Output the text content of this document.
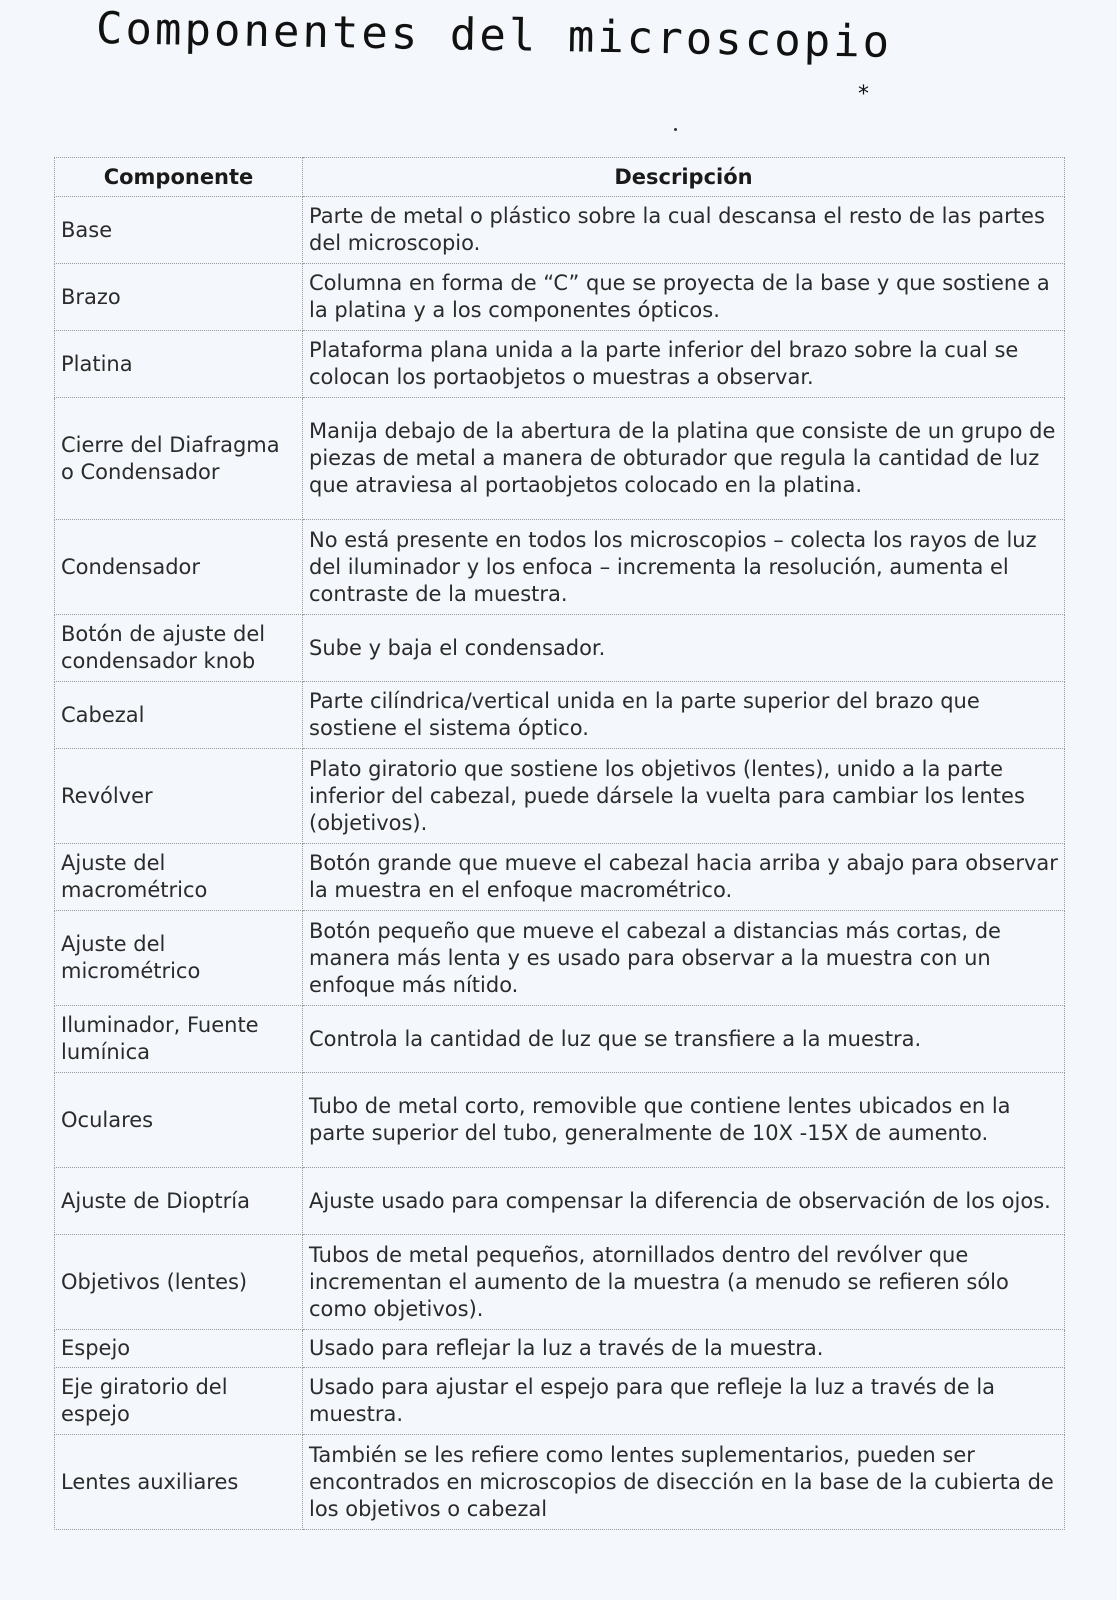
Componentes del microscopio
*
Componente	Descripción
Base	Parte de metal o plástico sobre la cual descansa el resto de las partes del microscopio.
Brazo	Columna en forma de “C” que se proyecta de la base y que sostiene a la platina y a los componentes ópticos.
Platina	Plataforma plana unida a la parte inferior del brazo sobre la cual se colocan los portaobjetos o muestras a observar.
Cierre del Diafragma o Condensador	Manija debajo de la abertura de la platina que consiste de un grupo de piezas de metal a manera de obturador que regula la cantidad de luz que atraviesa al portaobjetos colocado en la platina.
Condensador	No está presente en todos los microscopios – colecta los rayos de luz del iluminador y los enfoca – incrementa la resolución, aumenta el contraste de la muestra.
Botón de ajuste del condensador knob	Sube y baja el condensador.
Cabezal	Parte cilíndrica/vertical unida en la parte superior del brazo que sostiene el sistema óptico.
Revólver	Plato giratorio que sostiene los objetivos (lentes), unido a la parte inferior del cabezal, puede dársele la vuelta para cambiar los lentes (objetivos).
Ajuste del macrométrico	Botón grande que mueve el cabezal hacia arriba y abajo para observar la muestra en el enfoque macrométrico.
Ajuste del micrométrico	Botón pequeño que mueve el cabezal a distancias más cortas, de manera más lenta y es usado para observar a la muestra con un enfoque más nítido.
Iluminador, Fuente lumínica	Controla la cantidad de luz que se transfiere a la muestra.
Oculares	Tubo de metal corto, removible que contiene lentes ubicados en la parte superior del tubo, generalmente de 10X -15X de aumento.
Ajuste de Dioptría	Ajuste usado para compensar la diferencia de observación de los ojos.
Objetivos (lentes)	Tubos de metal pequeños, atornillados dentro del revólver que incrementan el aumento de la muestra (a menudo se refieren sólo como objetivos).
Espejo	Usado para reflejar la luz a través de la muestra.
Eje giratorio del espejo	Usado para ajustar el espejo para que refleje la luz a través de la muestra.
Lentes auxiliares	También se les refiere como lentes suplementarios, pueden ser encontrados en microscopios de disección en la base de la cubierta de los objetivos o cabezal
